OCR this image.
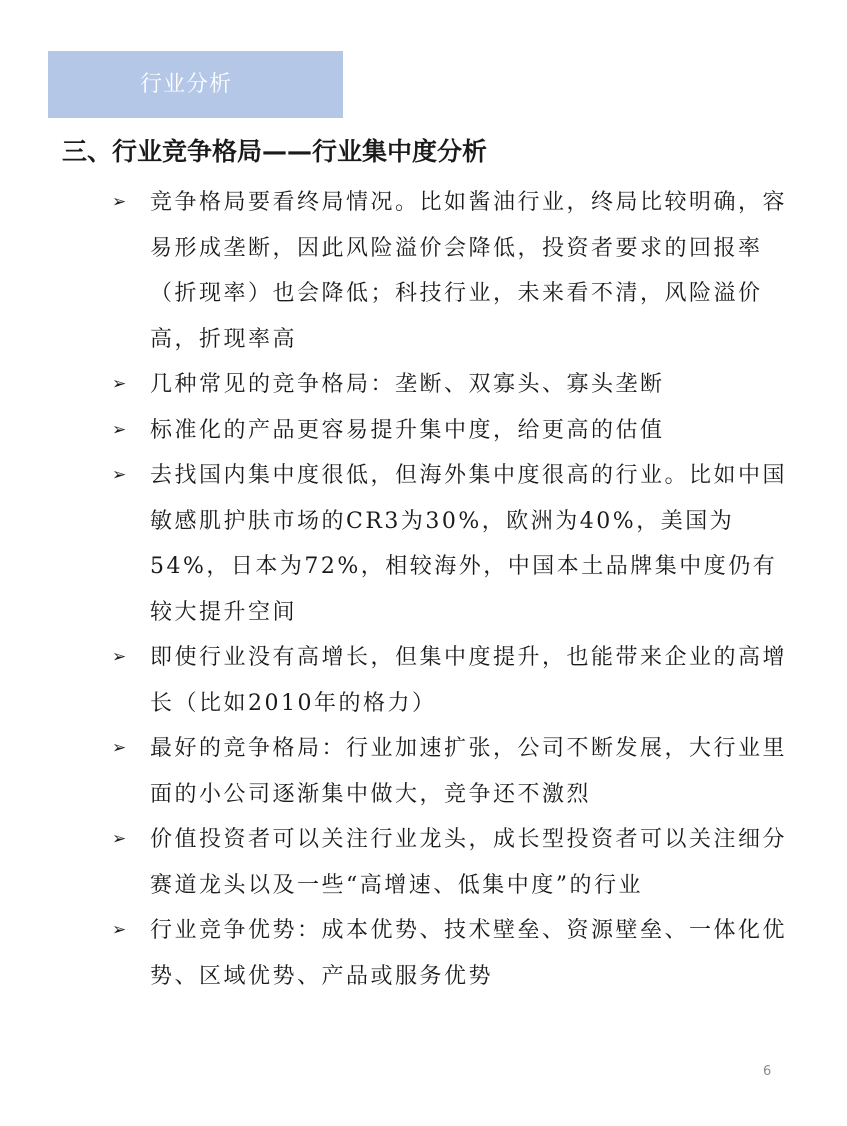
行业分析
三、行业竞争格局——行业集中度分析
➢ 竞争格局要看终局情况。比如酱油行业，终局比较明确，容易形成垄断，因此风险溢价会降低，投资者要求的回报率（折现率）也会降低；科技行业，未来看不清，风险溢价高，折现率高
➢ 几种常见的竞争格局：垄断、双寡头、寡头垄断
➢ 标准化的产品更容易提升集中度，给更高的估值
➢ 去找国内集中度很低，但海外集中度很高的行业。比如中国敏感肌护肤市场的CR3为30%，欧洲为40%，美国为54%，日本为72%，相较海外，中国本土品牌集中度仍有较大提升空间
➢ 即使行业没有高增长，但集中度提升，也能带来企业的高增长（比如2010年的格力）
➢ 最好的竞争格局：行业加速扩张，公司不断发展，大行业里面的小公司逐渐集中做大，竞争还不激烈
➢ 价值投资者可以关注行业龙头，成长型投资者可以关注细分赛道龙头以及一些“高增速、低集中度”的行业
➢ 行业竞争优势：成本优势、技术壁垒、资源壁垒、一体化优势、区域优势、产品或服务优势
6
